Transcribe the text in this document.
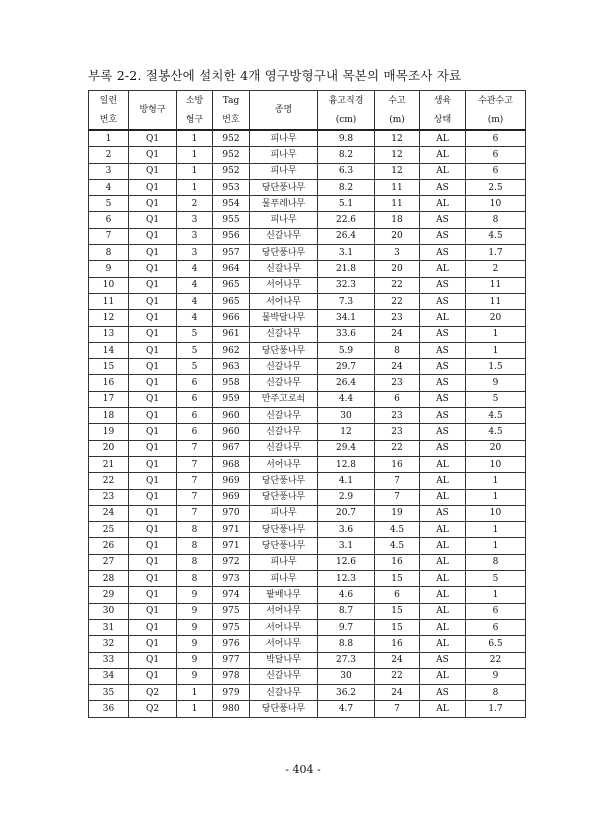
부록 2-2. 절봉산에 설치한 4개 영구방형구내 목본의 매목조사 자료
일련	방형구	소방	Tag	종명	흉고직경	수고	생육	수관수고
번호		형구	번호		(cm)	(m)	상태	(m)
1	Q1	1	952	피나무	9.8	12	AL	6
2	Q1	1	952	피나무	8.2	12	AL	6
3	Q1	1	952	피나무	6.3	12	AL	6
4	Q1	1	953	당단풍나무	8.2	11	AS	2.5
5	Q1	2	954	물푸레나무	5.1	11	AL	10
6	Q1	3	955	피나무	22.6	18	AS	8
7	Q1	3	956	신갈나무	26.4	20	AS	4.5
8	Q1	3	957	당단풍나무	3.1	3	AS	1.7
9	Q1	4	964	신갈나무	21.8	20	AL	2
10	Q1	4	965	서어나무	32.3	22	AS	11
11	Q1	4	965	서어나무	7.3	22	AS	11
12	Q1	4	966	물박달나무	34.1	23	AL	20
13	Q1	5	961	신갈나무	33.6	24	AS	1
14	Q1	5	962	당단풍나무	5.9	8	AS	1
15	Q1	5	963	신갈나무	29.7	24	AS	1.5
16	Q1	6	958	신갈나무	26.4	23	AS	9
17	Q1	6	959	만주고로쇠	4.4	6	AS	5
18	Q1	6	960	신갈나무	30	23	AS	4.5
19	Q1	6	960	신갈나무	12	23	AS	4.5
20	Q1	7	967	신갈나무	29.4	22	AS	20
21	Q1	7	968	서어나무	12.8	16	AL	10
22	Q1	7	969	당단풍나무	4.1	7	AL	1
23	Q1	7	969	당단풍나무	2.9	7	AL	1
24	Q1	7	970	피나무	20.7	19	AS	10
25	Q1	8	971	당단풍나무	3.6	4.5	AL	1
26	Q1	8	971	당단풍나무	3.1	4.5	AL	1
27	Q1	8	972	피나무	12.6	16	AL	8
28	Q1	8	973	피나무	12.3	15	AL	5
29	Q1	9	974	팥배나무	4.6	6	AL	1
30	Q1	9	975	서어나무	8.7	15	AL	6
31	Q1	9	975	서어나무	9.7	15	AL	6
32	Q1	9	976	서어나무	8.8	16	AL	6.5
33	Q1	9	977	박달나무	27.3	24	AS	22
34	Q1	9	978	신갈나무	30	22	AL	9
35	Q2	1	979	신갈나무	36.2	24	AS	8
36	Q2	1	980	당단풍나무	4.7	7	AL	1.7
- 404 -
